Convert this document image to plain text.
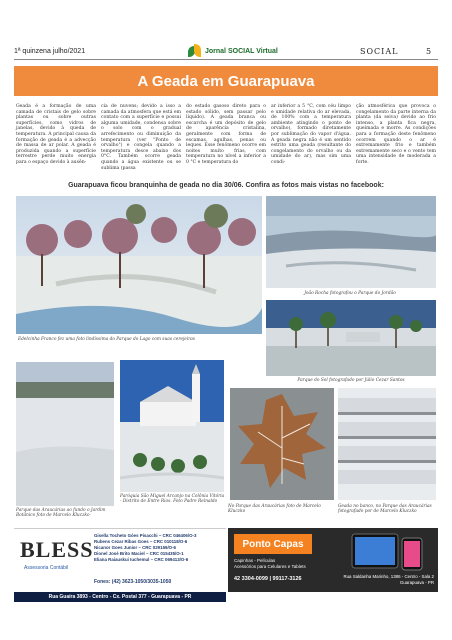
1ª quinzena julho/2021	Jornal SOCIAL Virtual	SOCIAL	5
A Geada em Guarapuava
Geada é a formação de uma camada de cristais de gelo sobre plantas ou sobre outras superfícies, como vidros de janelas, devido à queda de temperatura. A principal causa da formação de geada é a advecção de massa de ar polar. A geada é produzida quando a superfície terrestre perde muito energia para o espaço devido à ausên-
cia de nuvens; devido a isso a camada da atmosfera que está em contato com a superfície e possui alguma umidade, condensa sobre o solo com o gradual arrefecimento ou diminuição da temperatura (ver "Ponto de orvalho") e congela quando a temperatura desce abaixo dos 0°C. Também ocorre geada quando a água existente ou se sublima (passa
do estado gasoso direto para o estado sólido, sem passar pelo líquido). A geada branca ou escarcha é um depósito de gelo de aparência cristalina, geralmente com forma de escamas, agulhas, penas ou leques. Esse fenômeno ocorre em noites muito frias, com temperatura no nível a inferior a 0 °C e temperatura do
ar inferior a 5 °C, com céu limpo e umidade relativa do ar elevada, de 100% com a temperatura ambiente atingindo o ponto de orvalho), formado diretamente por sublimação do vapor d'água. A geada negra não é um sentido estrito uma geada (resultante do congelamento do orvalho ou da umidade do ar), mas sim uma condi-
ção atmosférica que provoca o congelamento da parte interna da planta (da seiva) devido ao frio intenso, a planta fica negra, queimada e morre. As condições para a formação deste fenômeno ocorrem quando o ar é extremamente frio e também extremamente seco e o vento tem uma intensidade de moderada a forte.
Guarapuava ficou branquinha de geada no dia 30/06. Confira as fotos mais vistas no facebook:
Edelcinha Franco fez uma foto lindíssima do Parque do Lago com suas cerejeiras
João Rocha fotografou o Parque do Jordão
Parque do Sol fotografado por Júlio Cezar Santos
Parque das Araucárias ao fundo o Jardim Botânico foto de Marcelo Kluczko
Paróquia São Miguel Arcanjo na Colônia Vitória - Distrito de Entre Rios. Foto Padre Reinaldo
No Parque das Araucárias foto de Marcelo Kluczko
Geada no banco, no Parque das Araucárias fotografado por de Marcelo Kluczko
BLESS
Assessoria Contábil
Gisella Tocheto Góes Pisacchi – CRC 046406/O-3
Rubens Cezar Ribas Goes – CRC 010118/O-6
Nicanor Goes Junior – CRC 029159/O-6
Dionel José Brito Maciel – CRC 015435/O-1
Eliana Raiauskui Iuchemul – CRC 069413/O-6
Fones: (42) 3623-1050/3035-1050
Rua Guaíra 3893 - Centro - Cx. Postal 377 - Guarapuava - PR
Ponto Capas
Capinhas - Películas
Acessórios para Celulares e Tablets
42 3304-0099 | 99117-3126	Rua Saldanha Marinho, 1386 - Centro - Sala 2
Guarapuava - PR
